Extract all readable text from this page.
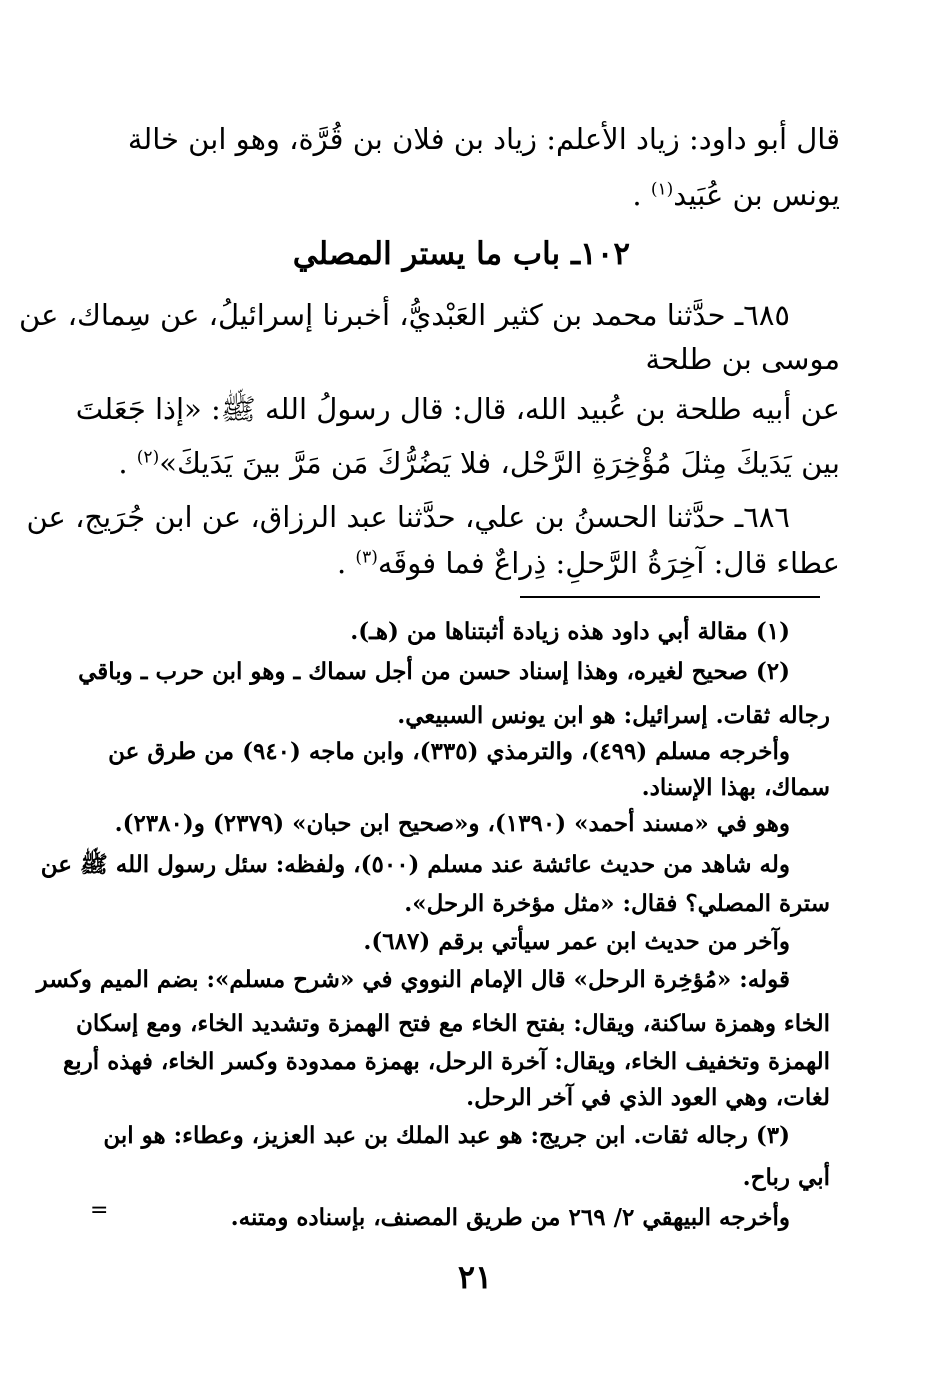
قال أبو داود: زياد الأعلم: زياد بن فلان بن قُرَّة، وهو ابن خالة
يونس بن عُبَيد$^{(١)}$ .
١٠٢ـ باب ما يستر المصلي
٦٨٥ـ حدَّثنا محمد بن كثير العَبْديُّ، أخبرنا إسرائيلُ، عن سِماك، عن
موسى بن طلحة
عن أبيه طلحة بن عُبيد الله، قال: قال رسولُ الله ﷺ: «إذا جَعَلتَ
بين يَدَيكَ مِثلَ مُؤْخِرَةِ الرَّحْل، فلا يَضُرُّكَ مَن مَرَّ بينَ يَدَيكَ»$^{(٢)}$ .
٦٨٦ـ حدَّثنا الحسنُ بن علي، حدَّثنا عبد الرزاق، عن ابن جُرَيج، عن
عطاء قال: آخِرَةُ الرَّحلِ: ذِراعٌ فما فوقَه$^{(٣)}$ .
(١) مقالة أبي داود هذه زيادة أثبتناها من (هـ).
(٢) صحيح لغيره، وهذا إسناد حسن من أجل سماك ـ وهو ابن حرب ـ وباقي
رجاله ثقات. إسرائيل: هو ابن يونس السبيعي.
وأخرجه مسلم (٤٩٩)، والترمذي (٣٣٥)، وابن ماجه (٩٤٠) من طرق عن
سماك، بهذا الإسناد.
وهو في «مسند أحمد» (١٣٩٠)، و«صحيح ابن حبان» (٢٣٧٩) و(٢٣٨٠).
وله شاهد من حديث عائشة عند مسلم (٥٠٠)، ولفظه: سئل رسول الله ﷺ عن
سترة المصلي؟ فقال: «مثل مؤخرة الرحل».
وآخر من حديث ابن عمر سيأتي برقم (٦٨٧).
قوله: «مُؤخِرة الرحل» قال الإمام النووي في «شرح مسلم»: بضم الميم وكسر
الخاء وهمزة ساكنة، ويقال: بفتح الخاء مع فتح الهمزة وتشديد الخاء، ومع إسكان
الهمزة وتخفيف الخاء، ويقال: آخرة الرحل، بهمزة ممدودة وكسر الخاء، فهذه أربع
لغات، وهي العود الذي في آخر الرحل.
(٣) رجاله ثقات. ابن جريج: هو عبد الملك بن عبد العزيز، وعطاء: هو ابن
أبي رباح.
وأخرجه البيهقي ٢/ ٢٦٩ من طريق المصنف، بإسناده ومتنه.
=
٢١
